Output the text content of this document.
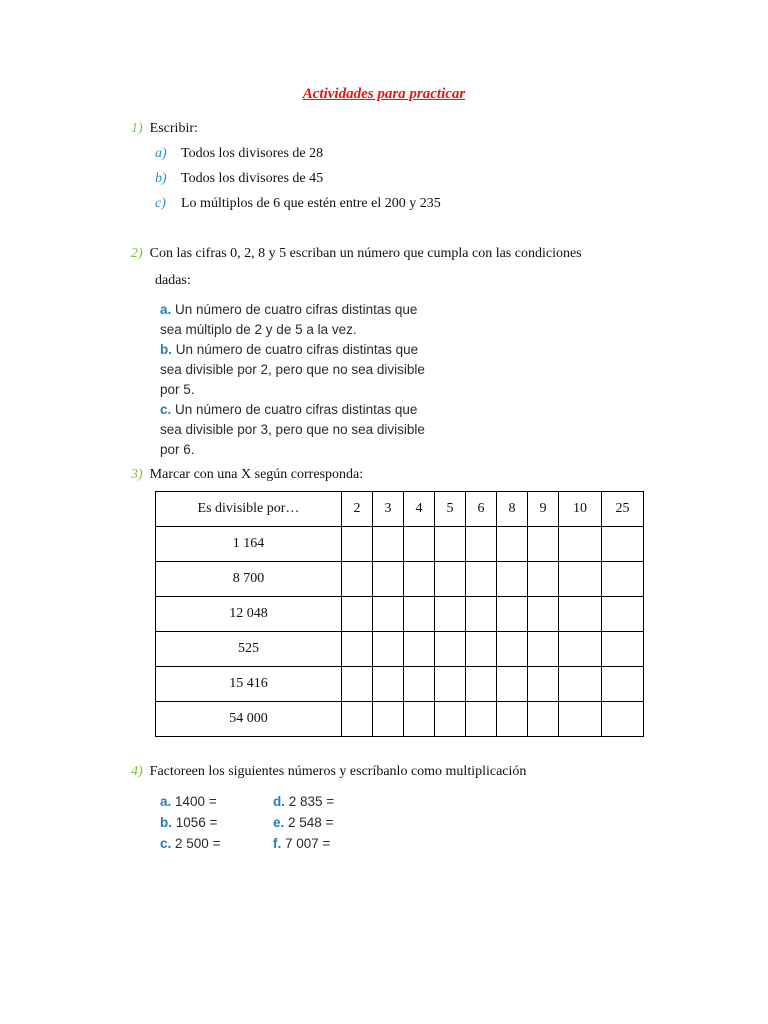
Actividades para practicar
1) Escribir:
a) Todos los divisores de 28
b) Todos los divisores de 45
c) Lo múltiplos de 6 que estén entre el 200 y 235
2) Con las cifras 0, 2, 8 y 5 escriban un número que cumpla con las condiciones
dadas:
a. Un número de cuatro cifras distintas que
sea múltiplo de 2 y de 5 a la vez.
b. Un número de cuatro cifras distintas que
sea divisible por 2, pero que no sea divisible
por 5.
c. Un número de cuatro cifras distintas que
sea divisible por 3, pero que no sea divisible
por 6.
3) Marcar con una X según corresponda:
Es divisible por…	2	3	4	5	6	8	9	10	25
1 164									
8 700									
12 048									
525									
15 416									
54 000									
4) Factoreen los siguientes números y escríbanlo como multiplicación
a. 1400 =
b. 1056 =
c. 2 500 =
d. 2 835 =
e. 2 548 =
f. 7 007 =
